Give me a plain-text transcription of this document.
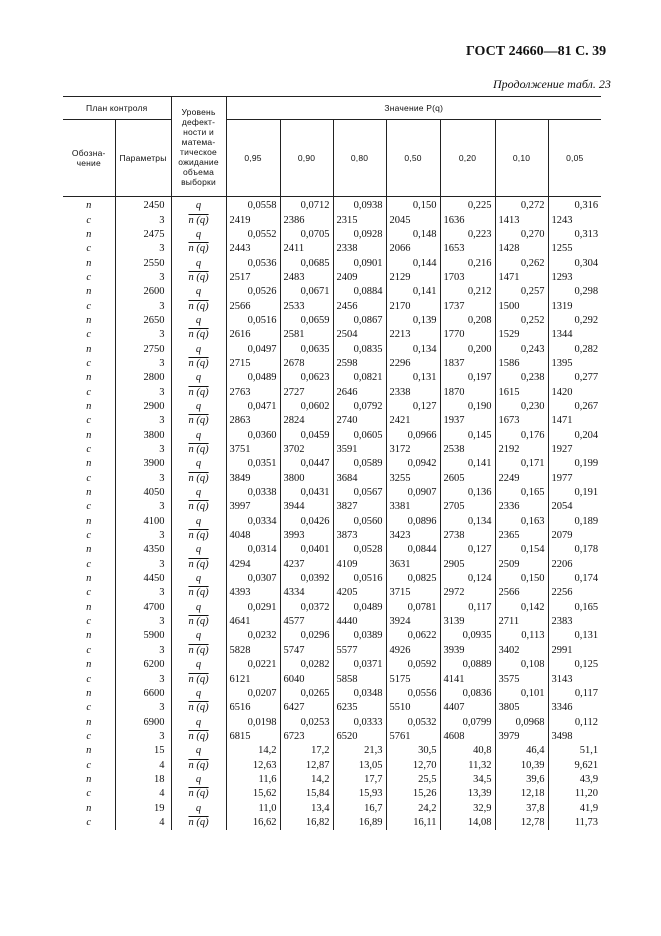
ГОСТ 24660—81 С. 39
Продолжение табл. 23
План контроля		Уровень дефект-ности и матема-тическое ожидание объема выборки	Значение P(q)						
Обозна-чение	Параметры		0,95	0,90	0,80	0,50	0,20	0,10	0,05
n	2450	q	0,0558	0,0712	0,0938	0,150	0,225	0,272	0,316
c	3	n (q)	2419	2386	2315	2045	1636	1413	1243
n	2475	q	0,0552	0,0705	0,0928	0,148	0,223	0,270	0,313
c	3	n (q)	2443	2411	2338	2066	1653	1428	1255
n	2550	q	0,0536	0,0685	0,0901	0,144	0,216	0,262	0,304
c	3	n (q)	2517	2483	2409	2129	1703	1471	1293
n	2600	q	0,0526	0,0671	0,0884	0,141	0,212	0,257	0,298
c	3	n (q)	2566	2533	2456	2170	1737	1500	1319
n	2650	q	0,0516	0,0659	0,0867	0,139	0,208	0,252	0,292
c	3	n (q)	2616	2581	2504	2213	1770	1529	1344
n	2750	q	0,0497	0,0635	0,0835	0,134	0,200	0,243	0,282
c	3	n (q)	2715	2678	2598	2296	1837	1586	1395
n	2800	q	0,0489	0,0623	0,0821	0,131	0,197	0,238	0,277
c	3	n (q)	2763	2727	2646	2338	1870	1615	1420
n	2900	q	0,0471	0,0602	0,0792	0,127	0,190	0,230	0,267
c	3	n (q)	2863	2824	2740	2421	1937	1673	1471
n	3800	q	0,0360	0,0459	0,0605	0,0966	0,145	0,176	0,204
c	3	n (q)	3751	3702	3591	3172	2538	2192	1927
n	3900	q	0,0351	0,0447	0,0589	0,0942	0,141	0,171	0,199
c	3	n (q)	3849	3800	3684	3255	2605	2249	1977
n	4050	q	0,0338	0,0431	0,0567	0,0907	0,136	0,165	0,191
c	3	n (q)	3997	3944	3827	3381	2705	2336	2054
n	4100	q	0,0334	0,0426	0,0560	0,0896	0,134	0,163	0,189
c	3	n (q)	4048	3993	3873	3423	2738	2365	2079
n	4350	q	0,0314	0,0401	0,0528	0,0844	0,127	0,154	0,178
c	3	n (q)	4294	4237	4109	3631	2905	2509	2206
n	4450	q	0,0307	0,0392	0,0516	0,0825	0,124	0,150	0,174
c	3	n (q)	4393	4334	4205	3715	2972	2566	2256
n	4700	q	0,0291	0,0372	0,0489	0,0781	0,117	0,142	0,165
c	3	n (q)	4641	4577	4440	3924	3139	2711	2383
n	5900	q	0,0232	0,0296	0,0389	0,0622	0,0935	0,113	0,131
c	3	n (q)	5828	5747	5577	4926	3939	3402	2991
n	6200	q	0,0221	0,0282	0,0371	0,0592	0,0889	0,108	0,125
c	3	n (q)	6121	6040	5858	5175	4141	3575	3143
n	6600	q	0,0207	0,0265	0,0348	0,0556	0,0836	0,101	0,117
c	3	n (q)	6516	6427	6235	5510	4407	3805	3346
n	6900	q	0,0198	0,0253	0,0333	0,0532	0,0799	0,0968	0,112
c	3	n (q)	6815	6723	6520	5761	4608	3979	3498
n	15	q	14,2	17,2	21,3	30,5	40,8	46,4	51,1
c	4	n (q)	12,63	12,87	13,05	12,70	11,32	10,39	9,621
n	18	q	11,6	14,2	17,7	25,5	34,5	39,6	43,9
c	4	n (q)	15,62	15,84	15,93	15,26	13,39	12,18	11,20
n	19	q	11,0	13,4	16,7	24,2	32,9	37,8	41,9
c	4	n (q)	16,62	16,82	16,89	16,11	14,08	12,78	11,73
